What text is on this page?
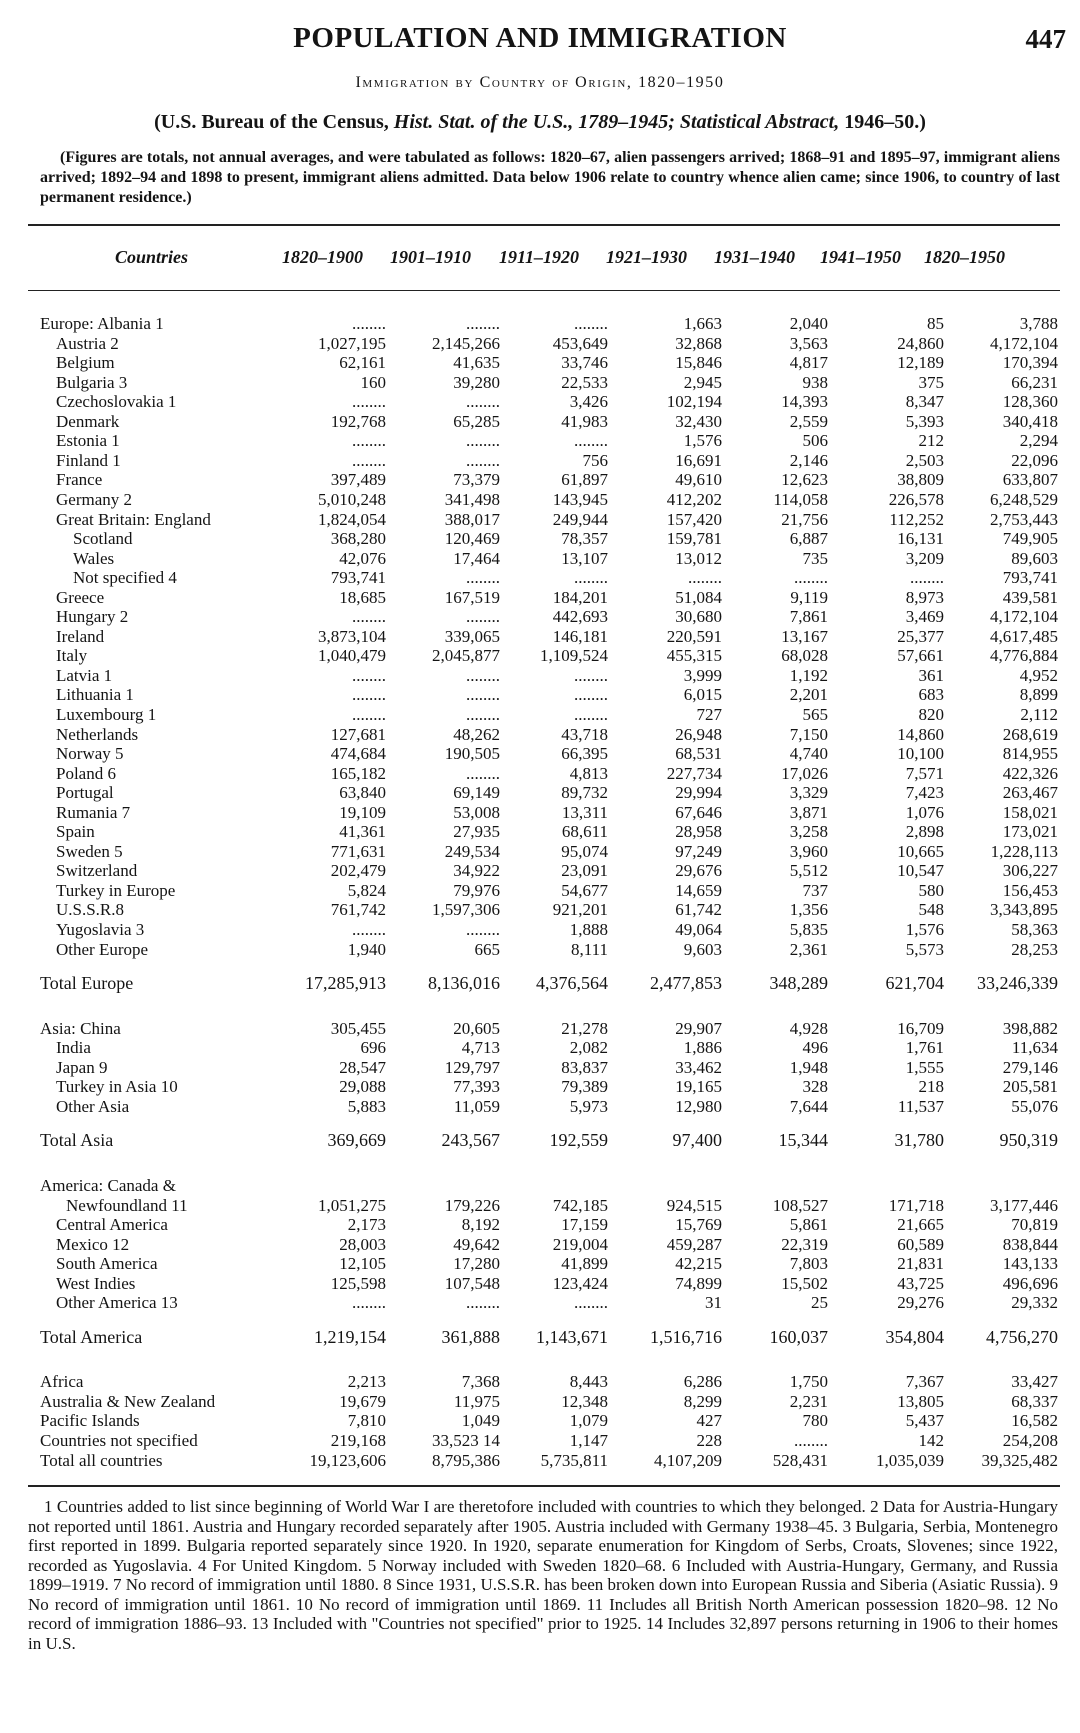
POPULATION AND IMMIGRATION	447
Immigration by Country of Origin, 1820–1950
(U.S. Bureau of the Census, Hist. Stat. of the U.S., 1789–1945; Statistical Abstract, 1946–50.)
(Figures are totals, not annual averages, and were tabulated as follows: 1820–67, alien passengers arrived; 1868–91 and 1895–97, immigrant aliens arrived; 1892–94 and 1898 to present, immigrant aliens admitted. Data below 1906 relate to country whence alien came; since 1906, to country of last permanent residence.)
Countries	1820–1900	1901–1910	1911–1920	1921–1930	1931–1940	1941–1950	1820–1950
Europe: Albania 1	........	........	........	1,663	2,040	85	3,788
Austria 2	1,027,195	2,145,266	453,649	32,868	3,563	24,860	4,172,104
Belgium	62,161	41,635	33,746	15,846	4,817	12,189	170,394
Bulgaria 3	160	39,280	22,533	2,945	938	375	66,231
Czechoslovakia 1	........	........	3,426	102,194	14,393	8,347	128,360
Denmark	192,768	65,285	41,983	32,430	2,559	5,393	340,418
Estonia 1	........	........	........	1,576	506	212	2,294
Finland 1	........	........	756	16,691	2,146	2,503	22,096
France	397,489	73,379	61,897	49,610	12,623	38,809	633,807
Germany 2	5,010,248	341,498	143,945	412,202	114,058	226,578	6,248,529
Great Britain: England	1,824,054	388,017	249,944	157,420	21,756	112,252	2,753,443
Scotland	368,280	120,469	78,357	159,781	6,887	16,131	749,905
Wales	42,076	17,464	13,107	13,012	735	3,209	89,603
Not specified 4	793,741	........	........	........	........	........	793,741
Greece	18,685	167,519	184,201	51,084	9,119	8,973	439,581
Hungary 2	........	........	442,693	30,680	7,861	3,469	4,172,104
Ireland	3,873,104	339,065	146,181	220,591	13,167	25,377	4,617,485
Italy	1,040,479	2,045,877	1,109,524	455,315	68,028	57,661	4,776,884
Latvia 1	........	........	........	3,999	1,192	361	4,952
Lithuania 1	........	........	........	6,015	2,201	683	8,899
Luxembourg 1	........	........	........	727	565	820	2,112
Netherlands	127,681	48,262	43,718	26,948	7,150	14,860	268,619
Norway 5	474,684	190,505	66,395	68,531	4,740	10,100	814,955
Poland 6	165,182	........	4,813	227,734	17,026	7,571	422,326
Portugal	63,840	69,149	89,732	29,994	3,329	7,423	263,467
Rumania 7	19,109	53,008	13,311	67,646	3,871	1,076	158,021
Spain	41,361	27,935	68,611	28,958	3,258	2,898	173,021
Sweden 5	771,631	249,534	95,074	97,249	3,960	10,665	1,228,113
Switzerland	202,479	34,922	23,091	29,676	5,512	10,547	306,227
Turkey in Europe	5,824	79,976	54,677	14,659	737	580	156,453
U.S.S.R.8	761,742	1,597,306	921,201	61,742	1,356	548	3,343,895
Yugoslavia 3	........	........	1,888	49,064	5,835	1,576	58,363
Other Europe	1,940	665	8,111	9,603	2,361	5,573	28,253
Total Europe	17,285,913	8,136,016	4,376,564	2,477,853	348,289	621,704	33,246,339
Asia: China	305,455	20,605	21,278	29,907	4,928	16,709	398,882
India	696	4,713	2,082	1,886	496	1,761	11,634
Japan 9	28,547	129,797	83,837	33,462	1,948	1,555	279,146
Turkey in Asia 10	29,088	77,393	79,389	19,165	328	218	205,581
Other Asia	5,883	11,059	5,973	12,980	7,644	11,537	55,076
Total Asia	369,669	243,567	192,559	97,400	15,344	31,780	950,319
America: Canada &
Newfoundland 11	1,051,275	179,226	742,185	924,515	108,527	171,718	3,177,446
Central America	2,173	8,192	17,159	15,769	5,861	21,665	70,819
Mexico 12	28,003	49,642	219,004	459,287	22,319	60,589	838,844
South America	12,105	17,280	41,899	42,215	7,803	21,831	143,133
West Indies	125,598	107,548	123,424	74,899	15,502	43,725	496,696
Other America 13	........	........	........	31	25	29,276	29,332
Total America	1,219,154	361,888	1,143,671	1,516,716	160,037	354,804	4,756,270
Africa	2,213	7,368	8,443	6,286	1,750	7,367	33,427
Australia & New Zealand	19,679	11,975	12,348	8,299	2,231	13,805	68,337
Pacific Islands	7,810	1,049	1,079	427	780	5,437	16,582
Countries not specified	219,168	33,523 14	1,147	228	........	142	254,208
Total all countries	19,123,606	8,795,386	5,735,811	4,107,209	528,431	1,035,039	39,325,482
1 Countries added to list since beginning of World War I are theretofore included with countries to which they belonged. 2 Data for Austria-Hungary not reported until 1861. Austria and Hungary recorded separately after 1905. Austria included with Germany 1938–45. 3 Bulgaria, Serbia, Montenegro first reported in 1899. Bulgaria reported separately since 1920. In 1920, separate enumeration for Kingdom of Serbs, Croats, Slovenes; since 1922, recorded as Yugoslavia. 4 For United Kingdom. 5 Norway included with Sweden 1820–68. 6 Included with Austria-Hungary, Germany, and Russia 1899–1919. 7 No record of immigration until 1880. 8 Since 1931, U.S.S.R. has been broken down into European Russia and Siberia (Asiatic Russia). 9 No record of immigration until 1861. 10 No record of immigration until 1869. 11 Includes all British North American possession 1820–98. 12 No record of immigration 1886–93. 13 Included with "Countries not specified" prior to 1925. 14 Includes 32,897 persons returning in 1906 to their homes in U.S.
